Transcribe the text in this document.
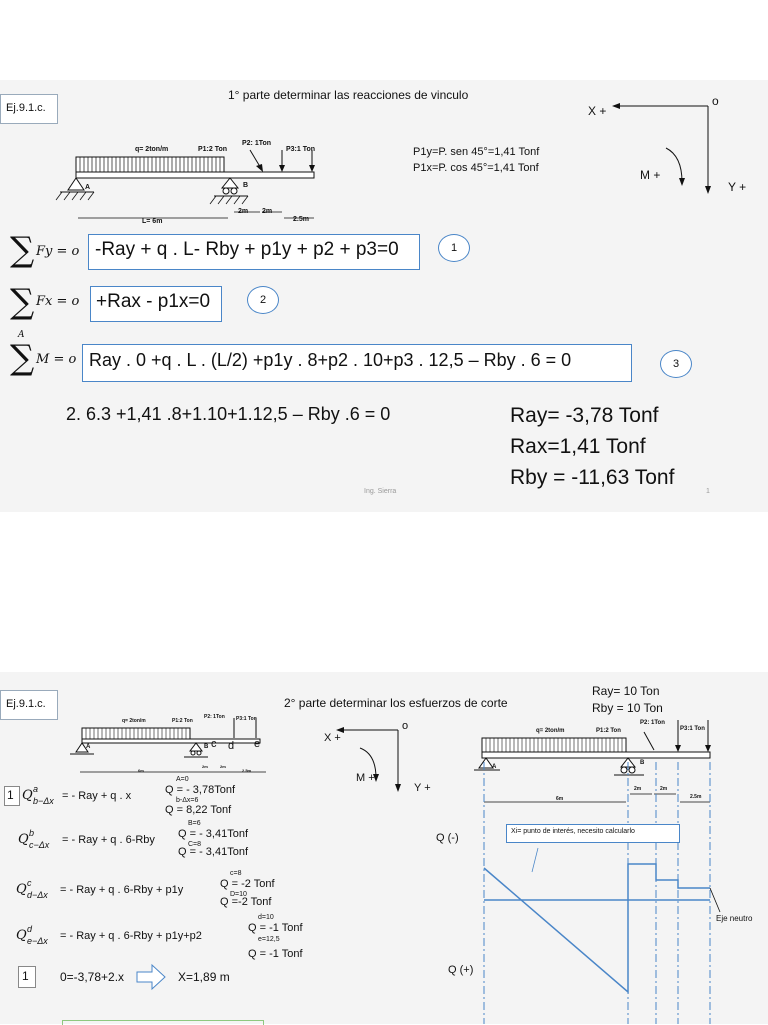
Ej.9.1.c.
1° parte determinar las reacciones de vinculo
q= 2ton/m	P1:2 Ton
P2: 1Ton
P3:1 Ton
A	B
L= 6m
2m 2m
2.5m
P1y=P. sen 45°=1,41 Tonf
P1x=P. cos 45°=1,41 Tonf
o
X +
M +
Y +
∑ Fy = o -Ray + q . L- Rby + p1y + p2 + p3=0	1
∑ Fx = o +Rax - p1x=0	2
A
∑ M = o Ray . 0 +q . L . (L/2) +p1y . 8+p2 . 10+p3 . 12,5 – Rby . 6 = 0	3
2. 6.3 +1,41 .8+1.10+1.12,5 – Rby .6 = 0	Ray= -3,78 Tonf
Rax=1,41 Tonf
Rby = -11,63 Tonf
Ing. Sierra	1
Ej.9.1.c.	2° parte determinar los esfuerzos de corte
Ray= 10 Ton
Rby = 10 Ton
q= 2ton/m	P1:2 Ton
P2: 1Ton P3:1 Ton
A	B c d e
6m
2m	2m
2.5m
o
X +
M +
Y +
1 Q a
b−Δx = - Ray + q . x
A=0
Q = - 3,78Tonf
b-Δx=6
Q = 8,22 Tonf
Q b
c−Δx = - Ray + q . 6-Rby
B=6
Q = - 3,41Tonf
C=8
Q = - 3,41Tonf
Q c
d−Δx = - Ray + q . 6-Rby + p1y
c=8
Q = -2 Tonf
D=10
Q =-2 Tonf
Q d
e−Δx = - Ray + q . 6-Rby + p1y+p2
d=10
Q = -1 Tonf
e=12,5
Q = -1 Tonf
1	0=-3,78+2.x	X=1,89 m
q= 2ton/m	P1:2 Ton
P2: 1Ton
P3:1 Ton
A
B
6m
2m	2m
2.5m
Q (-)
Q (+)
Xi= punto de interés, necesito calcularlo
Eje neutro
